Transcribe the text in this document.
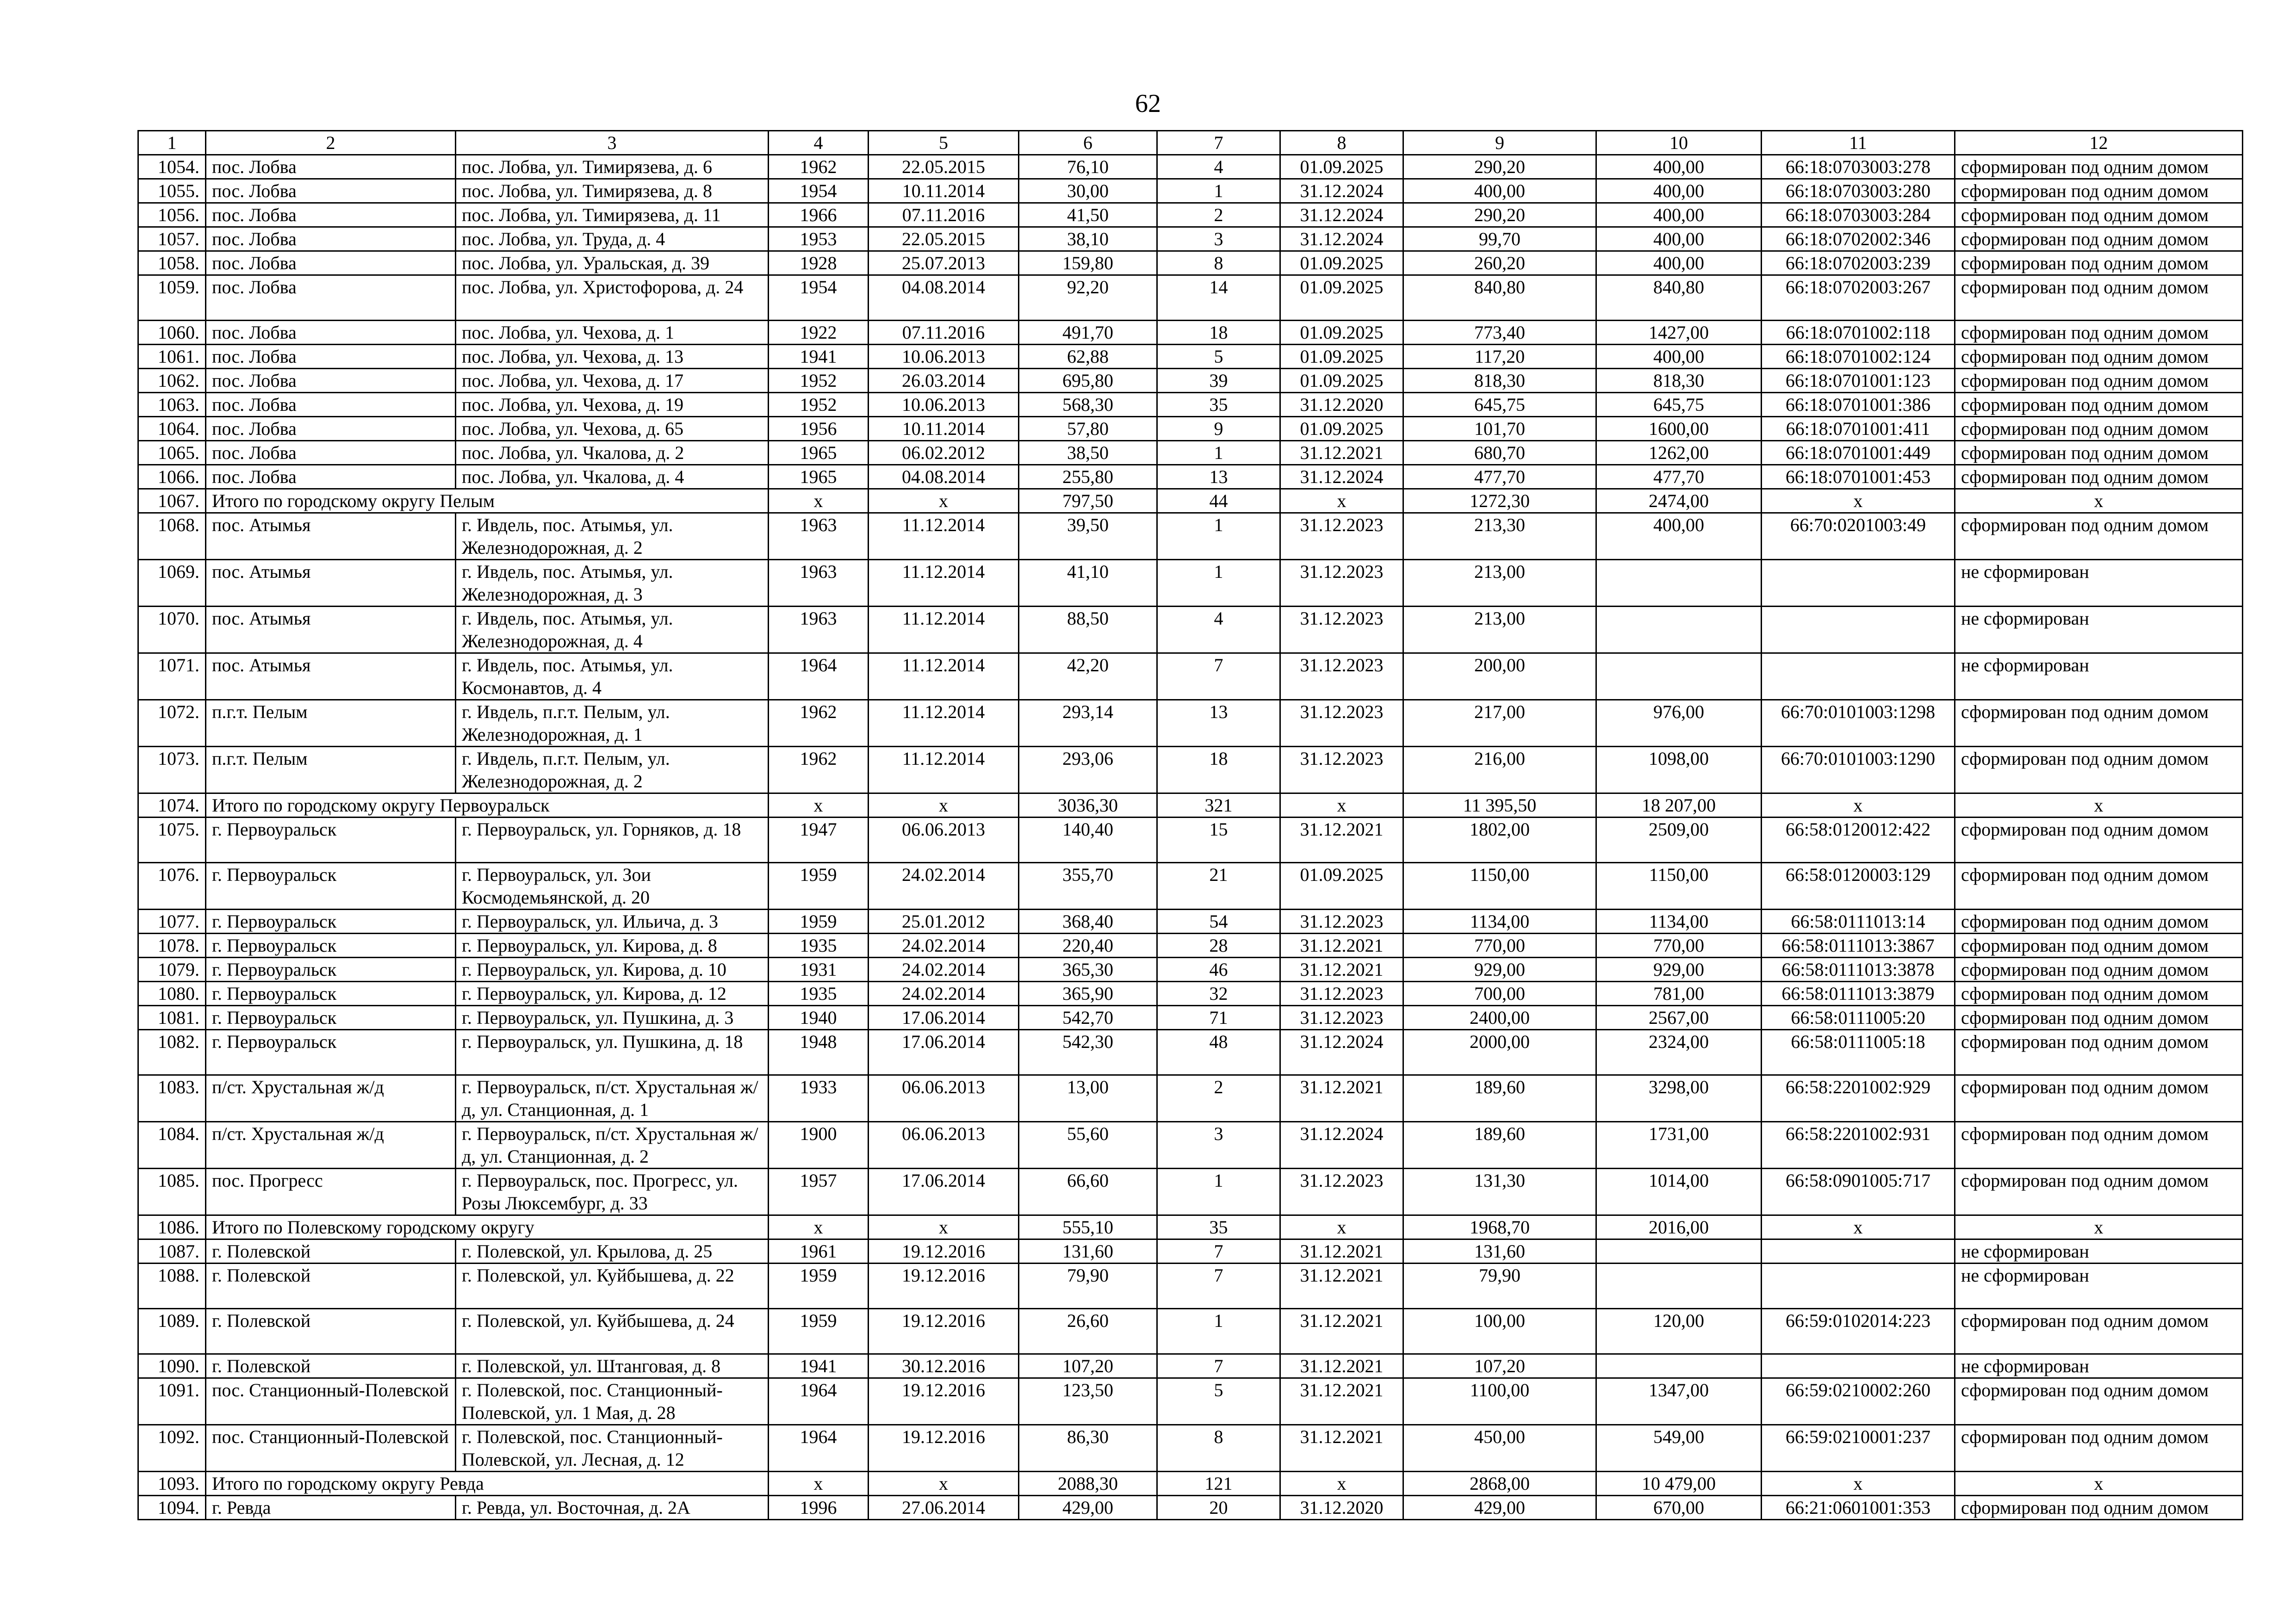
62
1	2	3	4	5	6	7	8	9	10	11	12
1054.	пос. Лобва	пос. Лобва, ул. Тимирязева, д. 6	1962	22.05.2015	76,10	4	01.09.2025	290,20	400,00	66:18:0703003:278	сформирован под одним домом
1055.	пос. Лобва	пос. Лобва, ул. Тимирязева, д. 8	1954	10.11.2014	30,00	1	31.12.2024	400,00	400,00	66:18:0703003:280	сформирован под одним домом
1056.	пос. Лобва	пос. Лобва, ул. Тимирязева, д. 11	1966	07.11.2016	41,50	2	31.12.2024	290,20	400,00	66:18:0703003:284	сформирован под одним домом
1057.	пос. Лобва	пос. Лобва, ул. Труда, д. 4	1953	22.05.2015	38,10	3	31.12.2024	99,70	400,00	66:18:0702002:346	сформирован под одним домом
1058.	пос. Лобва	пос. Лобва, ул. Уральская, д. 39	1928	25.07.2013	159,80	8	01.09.2025	260,20	400,00	66:18:0702003:239	сформирован под одним домом
1059.	пос. Лобва	пос. Лобва, ул. Христофорова, д. 24	1954	04.08.2014	92,20	14	01.09.2025	840,80	840,80	66:18:0702003:267	сформирован под одним домом
1060.	пос. Лобва	пос. Лобва, ул. Чехова, д. 1	1922	07.11.2016	491,70	18	01.09.2025	773,40	1427,00	66:18:0701002:118	сформирован под одним домом
1061.	пос. Лобва	пос. Лобва, ул. Чехова, д. 13	1941	10.06.2013	62,88	5	01.09.2025	117,20	400,00	66:18:0701002:124	сформирован под одним домом
1062.	пос. Лобва	пос. Лобва, ул. Чехова, д. 17	1952	26.03.2014	695,80	39	01.09.2025	818,30	818,30	66:18:0701001:123	сформирован под одним домом
1063.	пос. Лобва	пос. Лобва, ул. Чехова, д. 19	1952	10.06.2013	568,30	35	31.12.2020	645,75	645,75	66:18:0701001:386	сформирован под одним домом
1064.	пос. Лобва	пос. Лобва, ул. Чехова, д. 65	1956	10.11.2014	57,80	9	01.09.2025	101,70	1600,00	66:18:0701001:411	сформирован под одним домом
1065.	пос. Лобва	пос. Лобва, ул. Чкалова, д. 2	1965	06.02.2012	38,50	1	31.12.2021	680,70	1262,00	66:18:0701001:449	сформирован под одним домом
1066.	пос. Лобва	пос. Лобва, ул. Чкалова, д. 4	1965	04.08.2014	255,80	13	31.12.2024	477,70	477,70	66:18:0701001:453	сформирован под одним домом
1067.	Итого по городскому округу Пелым		x	x	797,50	44	x	1272,30	2474,00	x	x
1068.	пос. Атымья	г. Ивдель, пос. Атымья, ул. Железнодорожная, д. 2	1963	11.12.2014	39,50	1	31.12.2023	213,30	400,00	66:70:0201003:49	сформирован под одним домом
1069.	пос. Атымья	г. Ивдель, пос. Атымья, ул. Железнодорожная, д. 3	1963	11.12.2014	41,10	1	31.12.2023	213,00			не сформирован
1070.	пос. Атымья	г. Ивдель, пос. Атымья, ул. Железнодорожная, д. 4	1963	11.12.2014	88,50	4	31.12.2023	213,00			не сформирован
1071.	пос. Атымья	г. Ивдель, пос. Атымья, ул. Космонавтов, д. 4	1964	11.12.2014	42,20	7	31.12.2023	200,00			не сформирован
1072.	п.г.т. Пелым	г. Ивдель, п.г.т. Пелым, ул. Железнодорожная, д. 1	1962	11.12.2014	293,14	13	31.12.2023	217,00	976,00	66:70:0101003:1298	сформирован под одним домом
1073.	п.г.т. Пелым	г. Ивдель, п.г.т. Пелым, ул. Железнодорожная, д. 2	1962	11.12.2014	293,06	18	31.12.2023	216,00	1098,00	66:70:0101003:1290	сформирован под одним домом
1074.	Итого по городскому округу Первоуральск		x	x	3036,30	321	x	11 395,50	18 207,00	x	x
1075.	г. Первоуральск	г. Первоуральск, ул. Горняков, д. 18	1947	06.06.2013	140,40	15	31.12.2021	1802,00	2509,00	66:58:0120012:422	сформирован под одним домом
1076.	г. Первоуральск	г. Первоуральск, ул. Зои Космодемьянской, д. 20	1959	24.02.2014	355,70	21	01.09.2025	1150,00	1150,00	66:58:0120003:129	сформирован под одним домом
1077.	г. Первоуральск	г. Первоуральск, ул. Ильича, д. 3	1959	25.01.2012	368,40	54	31.12.2023	1134,00	1134,00	66:58:0111013:14	сформирован под одним домом
1078.	г. Первоуральск	г. Первоуральск, ул. Кирова, д. 8	1935	24.02.2014	220,40	28	31.12.2021	770,00	770,00	66:58:0111013:3867	сформирован под одним домом
1079.	г. Первоуральск	г. Первоуральск, ул. Кирова, д. 10	1931	24.02.2014	365,30	46	31.12.2021	929,00	929,00	66:58:0111013:3878	сформирован под одним домом
1080.	г. Первоуральск	г. Первоуральск, ул. Кирова, д. 12	1935	24.02.2014	365,90	32	31.12.2023	700,00	781,00	66:58:0111013:3879	сформирован под одним домом
1081.	г. Первоуральск	г. Первоуральск, ул. Пушкина, д. 3	1940	17.06.2014	542,70	71	31.12.2023	2400,00	2567,00	66:58:0111005:20	сформирован под одним домом
1082.	г. Первоуральск	г. Первоуральск, ул. Пушкина, д. 18	1948	17.06.2014	542,30	48	31.12.2024	2000,00	2324,00	66:58:0111005:18	сформирован под одним домом
1083.	п/ст. Хрустальная ж/д	г. Первоуральск, п/ст. Хрустальная ж/д, ул. Станционная, д. 1	1933	06.06.2013	13,00	2	31.12.2021	189,60	3298,00	66:58:2201002:929	сформирован под одним домом
1084.	п/ст. Хрустальная ж/д	г. Первоуральск, п/ст. Хрустальная ж/д, ул. Станционная, д. 2	1900	06.06.2013	55,60	3	31.12.2024	189,60	1731,00	66:58:2201002:931	сформирован под одним домом
1085.	пос. Прогресс	г. Первоуральск, пос. Прогресс, ул. Розы Люксембург, д. 33	1957	17.06.2014	66,60	1	31.12.2023	131,30	1014,00	66:58:0901005:717	сформирован под одним домом
1086.	Итого по Полевскому городскому округу		x	x	555,10	35	x	1968,70	2016,00	x	x
1087.	г. Полевской	г. Полевской, ул. Крылова, д. 25	1961	19.12.2016	131,60	7	31.12.2021	131,60			не сформирован
1088.	г. Полевской	г. Полевской, ул. Куйбышева, д. 22	1959	19.12.2016	79,90	7	31.12.2021	79,90			не сформирован
1089.	г. Полевской	г. Полевской, ул. Куйбышева, д. 24	1959	19.12.2016	26,60	1	31.12.2021	100,00	120,00	66:59:0102014:223	сформирован под одним домом
1090.	г. Полевской	г. Полевской, ул. Штанговая, д. 8	1941	30.12.2016	107,20	7	31.12.2021	107,20			не сформирован
1091.	пос. Станционный-Полевской	г. Полевской, пос. Станционный-Полевской, ул. 1 Мая, д. 28	1964	19.12.2016	123,50	5	31.12.2021	1100,00	1347,00	66:59:0210002:260	сформирован под одним домом
1092.	пос. Станционный-Полевской	г. Полевской, пос. Станционный-Полевской, ул. Лесная, д. 12	1964	19.12.2016	86,30	8	31.12.2021	450,00	549,00	66:59:0210001:237	сформирован под одним домом
1093.	Итого по городскому округу Ревда		x	x	2088,30	121	x	2868,00	10 479,00	x	x
1094.	г. Ревда	г. Ревда, ул. Восточная, д. 2А	1996	27.06.2014	429,00	20	31.12.2020	429,00	670,00	66:21:0601001:353	сформирован под одним домом
